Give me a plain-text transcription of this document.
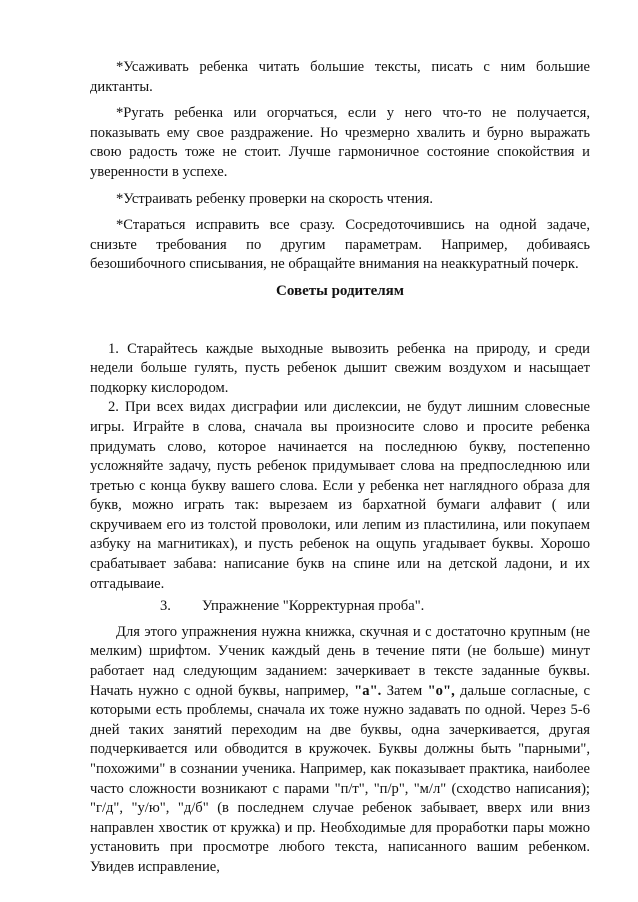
*Усаживать ребенка читать большие тексты, писать с ним большие диктанты.

*Ругать ребенка или огорчаться, если у него что-то не получается, показывать ему свое раздражение. Но чрезмерно хвалить и бурно выражать свою радость тоже не стоит. Лучше гармоничное состояние спокойствия и уверенности в успехе.

*Устраивать ребенку проверки на скорость чтения.

*Стараться исправить все сразу. Сосредоточившись на одной задаче, снизьте требования по другим параметрам. Например, добиваясь безошибочного списывания, не обращайте внимания на неаккуратный почерк.

Советы родителям

1. Старайтесь каждые выходные вывозить ребенка на природу, и среди недели больше гулять, пусть ребенок дышит свежим воздухом и насыщает подкорку кислородом.

2. При всех видах дисграфии или дислексии, не будут лишним словесные игры. Играйте в слова, сначала вы произносите слово и просите ребенка придумать слово, которое начинается на последнюю букву, постепенно усложняйте задачу, пусть ребенок придумывает слова на предпоследнюю или третью с конца букву вашего слова. Если у ребенка нет наглядного образа для букв, можно играть так: вырезаем из бархатной бумаги алфавит ( или скручиваем его из толстой проволоки, или лепим из пластилина, или покупаем азбуку на магнитиках), и пусть ребенок на ощупь угадывает буквы. Хорошо срабатывает забава: написание букв на спине или на детской ладони, и их отгадываие.

3. Упражнение "Корректурная проба".

Для этого упражнения нужна книжка, скучная и с достаточно крупным (не мелким) шрифтом. Ученик каждый день в течение пяти (не больше) минут работает над следующим заданием: зачеркивает в тексте заданные буквы. Начать нужно с одной буквы, например, "а". Затем "о", дальше согласные, с которыми есть проблемы, сначала их тоже нужно задавать по одной. Через 5-6 дней таких занятий переходим на две буквы, одна зачеркивается, другая подчеркивается или обводится в кружочек. Буквы должны быть "парными", "похожими" в сознании ученика. Например, как показывает практика, наиболее часто сложности возникают с парами "п/т", "п/р", "м/л" (сходство написания); "г/д", "у/ю", "д/б" (в последнем случае ребенок забывает, вверх или вниз направлен хвостик от кружка) и пр. Необходимые для проработки пары можно установить при просмотре любого текста, написанного вашим ребенком. Увидев исправление,
